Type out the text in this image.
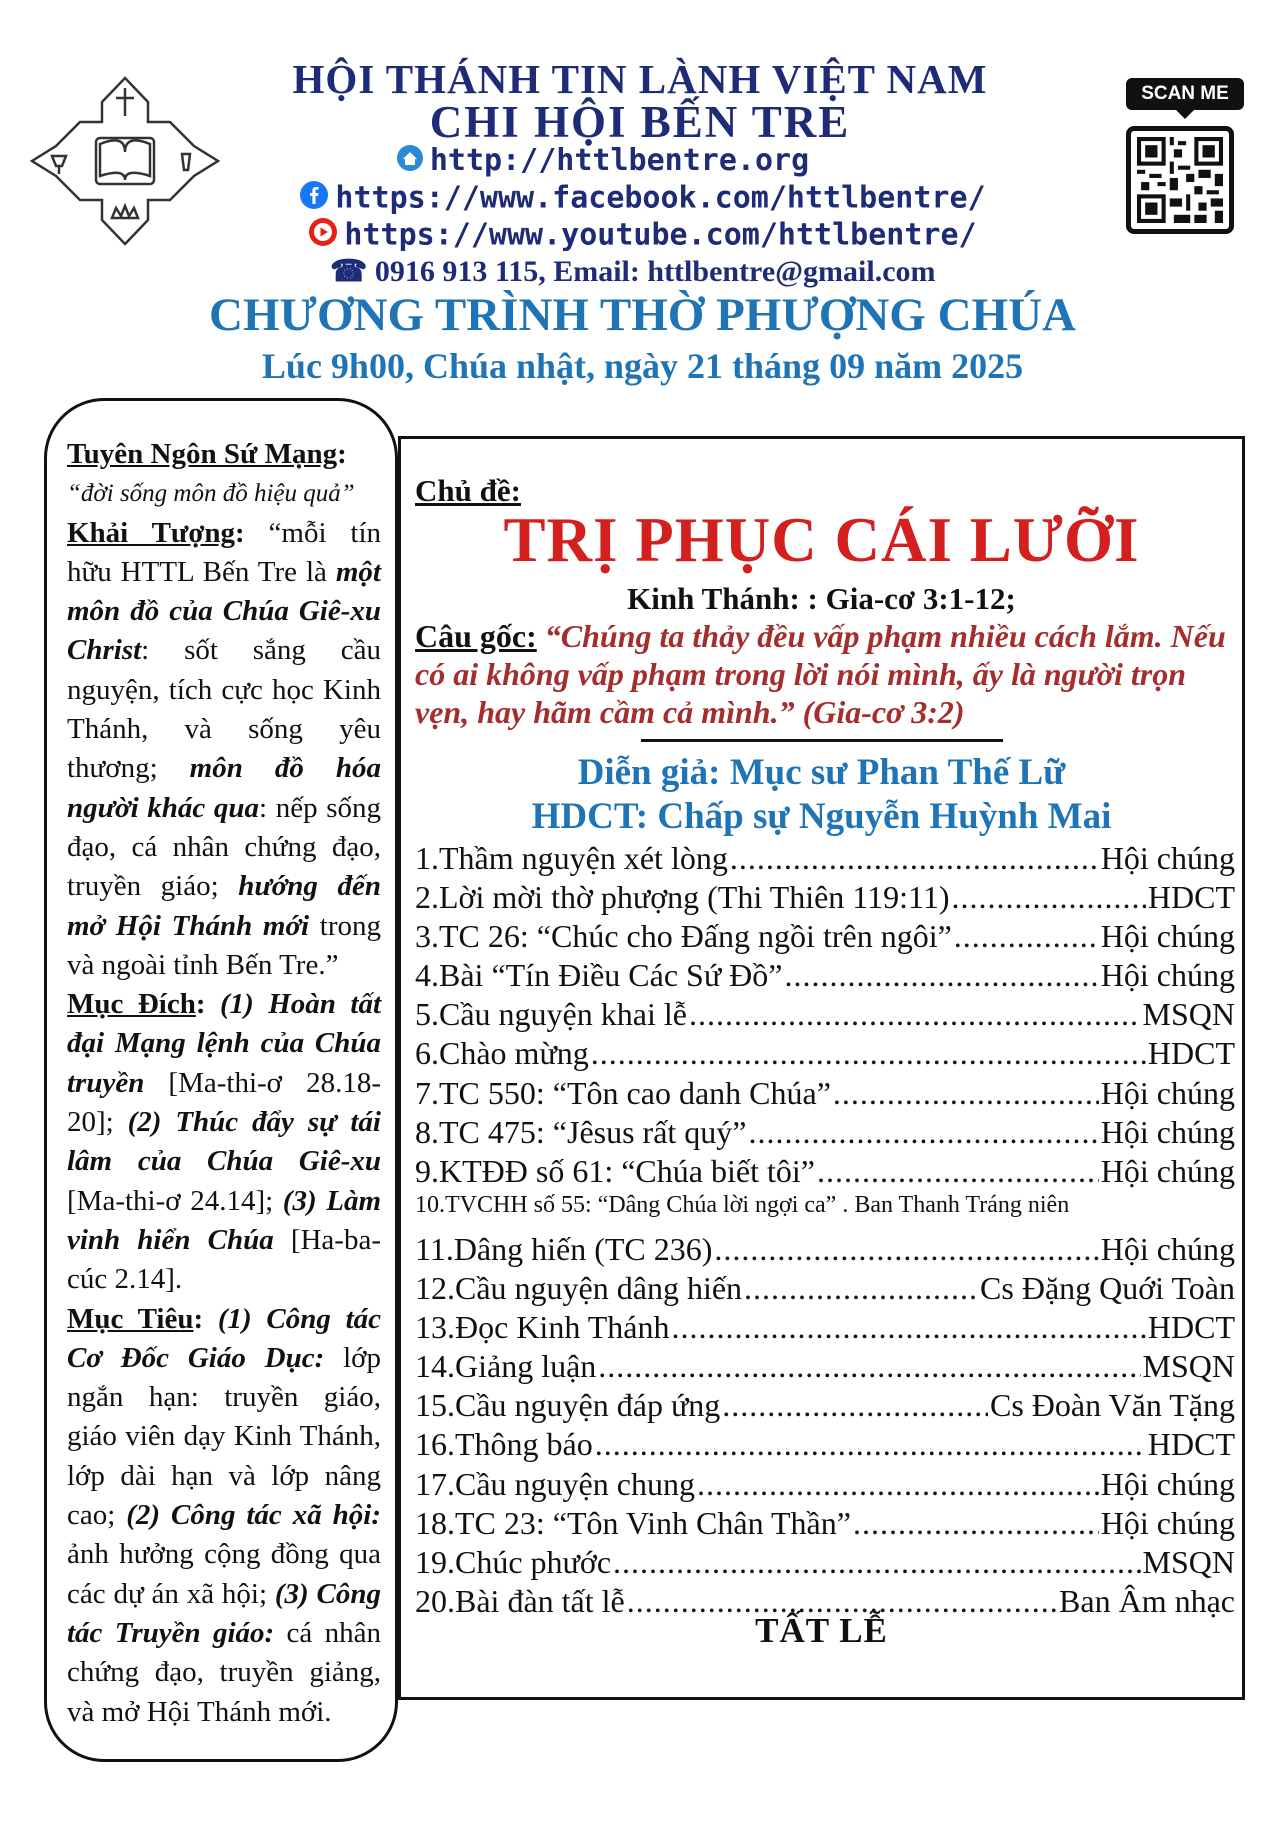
SCAN ME
HỘI THÁNH TIN LÀNH VIỆT NAM
CHI HỘI BẾN TRE
http://httlbentre.org
https://www.facebook.com/httlbentre/
https://www.youtube.com/httlbentre/
☎ 0916 913 115, Email: httlbentre@gmail.com
CHƯƠNG TRÌNH THỜ PHƯỢNG CHÚA
Lúc 9h00, Chúa nhật, ngày 21 tháng 09 năm 2025

Tuyên Ngôn Sứ Mạng:

“đời sống môn đồ hiệu quả”

Khải Tượng: “mỗi tín hữu HTTL Bến Tre là một môn đồ của Chúa Giê-xu Christ: sốt sắng cầu nguyện, tích cực học Kinh Thánh, và sống yêu thương; môn đồ hóa người khác qua: nếp sống đạo, cá nhân chứng đạo, truyền giáo; hướng đến mở Hội Thánh mới trong và ngoài tỉnh Bến Tre.”

Mục Đích: (1) Hoàn tất đại Mạng lệnh của Chúa truyền [Ma-thi-ơ 28.18-20]; (2) Thúc đẩy sự tái lâm của Chúa Giê-xu [Ma-thi-ơ 24.14]; (3) Làm vinh hiển Chúa [Ha-ba-cúc 2.14].

Mục Tiêu: (1) Công tác Cơ Đốc Giáo Dục: lớp ngắn hạn: truyền giáo, giáo viên dạy Kinh Thánh, lớp dài hạn và lớp nâng cao; (2) Công tác xã hội: ảnh hưởng cộng đồng qua các dự án xã hội; (3) Công tác Truyền giáo: cá nhân chứng đạo, truyền giảng, và mở Hội Thánh mới.

Chủ đề:
TRỊ PHỤC CÁI LƯỠI
Kinh Thánh: : Gia-cơ 3:1-12;
Câu gốc: “Chúng ta thảy đều vấp phạm nhiều cách lắm. Nếu có ai không vấp phạm trong lời nói mình, ấy là người trọn vẹn, hay hãm cầm cả mình.” (Gia-cơ 3:2)
Diễn giả: Mục sư Phan Thế Lữ
HDCT: Chấp sự Nguyễn Huỳnh Mai
1. Thầm nguyện xét lòng .....	Hội chúng
2. Lời mời thờ phượng (Thi Thiên 119:11) .....	HDCT
3. TC 26: “Chúc cho Đấng ngồi trên ngôi” .....	Hội chúng
4. Bài “Tín Điều Các Sứ Đồ” .....	Hội chúng
5. Cầu nguyện khai lễ .....	MSQN
6. Chào mừng .....	HDCT
7. TC 550: “Tôn cao danh Chúa” .....	Hội chúng
8. TC 475: “Jêsus rất quý” .....	Hội chúng
9. KTĐĐ số 61: “Chúa biết tôi” .....	Hội chúng
10. TVCHH số 55: “Dâng Chúa lời ngợi ca” . Ban Thanh Tráng niên
11. Dâng hiến (TC 236) .....	Hội chúng
12. Cầu nguyện dâng hiến .....	Cs Đặng Quới Toàn
13. Đọc Kinh Thánh .....	HDCT
14. Giảng luận .....	MSQN
15. Cầu nguyện đáp ứng .....	Cs Đoàn Văn Tặng
16. Thông báo .....	HDCT
17. Cầu nguyện chung .....	Hội chúng
18. TC 23: “Tôn Vinh Chân Thần” .....	Hội chúng
19. Chúc phước .....	MSQN
20. Bài đàn tất lễ .....	Ban Âm nhạc
TẤT LỄ
